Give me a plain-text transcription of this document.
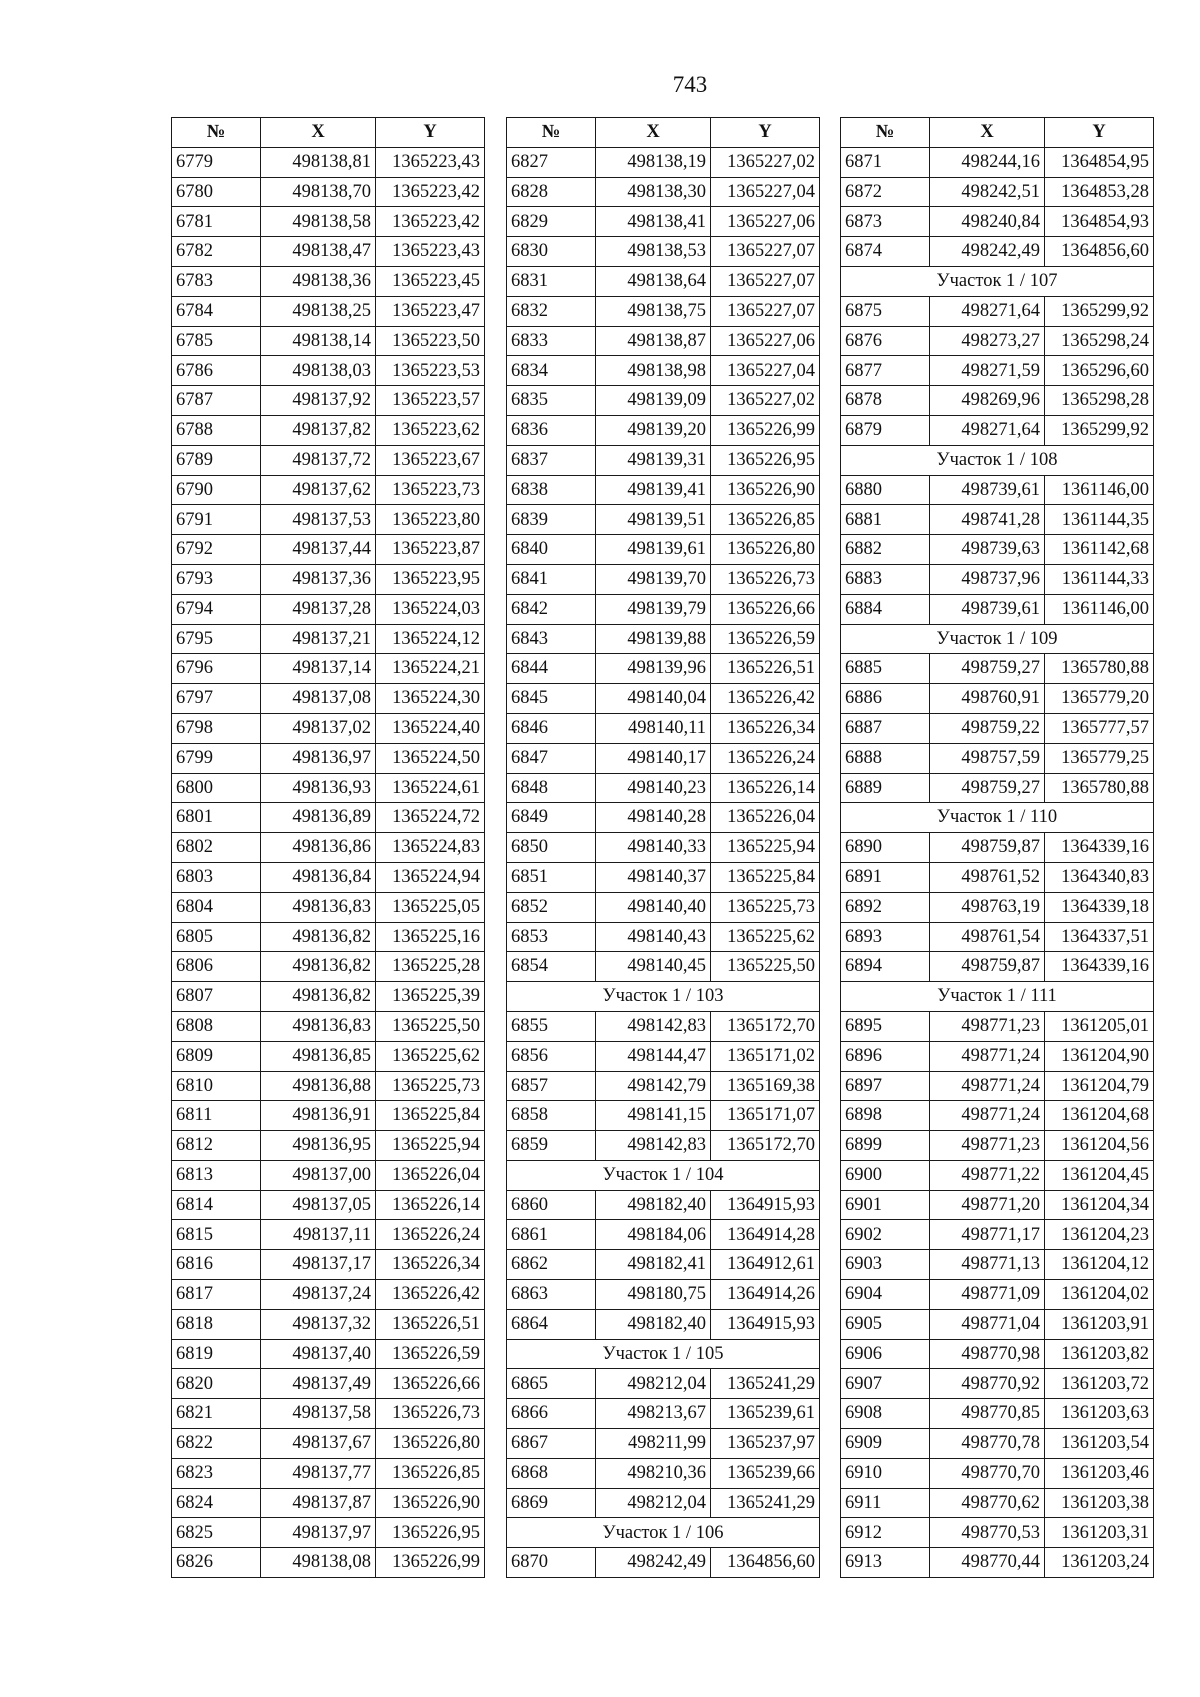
743
№	X	Y
6779	498138,81	1365223,43
6780	498138,70	1365223,42
6781	498138,58	1365223,42
6782	498138,47	1365223,43
6783	498138,36	1365223,45
6784	498138,25	1365223,47
6785	498138,14	1365223,50
6786	498138,03	1365223,53
6787	498137,92	1365223,57
6788	498137,82	1365223,62
6789	498137,72	1365223,67
6790	498137,62	1365223,73
6791	498137,53	1365223,80
6792	498137,44	1365223,87
6793	498137,36	1365223,95
6794	498137,28	1365224,03
6795	498137,21	1365224,12
6796	498137,14	1365224,21
6797	498137,08	1365224,30
6798	498137,02	1365224,40
6799	498136,97	1365224,50
6800	498136,93	1365224,61
6801	498136,89	1365224,72
6802	498136,86	1365224,83
6803	498136,84	1365224,94
6804	498136,83	1365225,05
6805	498136,82	1365225,16
6806	498136,82	1365225,28
6807	498136,82	1365225,39
6808	498136,83	1365225,50
6809	498136,85	1365225,62
6810	498136,88	1365225,73
6811	498136,91	1365225,84
6812	498136,95	1365225,94
6813	498137,00	1365226,04
6814	498137,05	1365226,14
6815	498137,11	1365226,24
6816	498137,17	1365226,34
6817	498137,24	1365226,42
6818	498137,32	1365226,51
6819	498137,40	1365226,59
6820	498137,49	1365226,66
6821	498137,58	1365226,73
6822	498137,67	1365226,80
6823	498137,77	1365226,85
6824	498137,87	1365226,90
6825	498137,97	1365226,95
6826	498138,08	1365226,99
№	X	Y
6827	498138,19	1365227,02
6828	498138,30	1365227,04
6829	498138,41	1365227,06
6830	498138,53	1365227,07
6831	498138,64	1365227,07
6832	498138,75	1365227,07
6833	498138,87	1365227,06
6834	498138,98	1365227,04
6835	498139,09	1365227,02
6836	498139,20	1365226,99
6837	498139,31	1365226,95
6838	498139,41	1365226,90
6839	498139,51	1365226,85
6840	498139,61	1365226,80
6841	498139,70	1365226,73
6842	498139,79	1365226,66
6843	498139,88	1365226,59
6844	498139,96	1365226,51
6845	498140,04	1365226,42
6846	498140,11	1365226,34
6847	498140,17	1365226,24
6848	498140,23	1365226,14
6849	498140,28	1365226,04
6850	498140,33	1365225,94
6851	498140,37	1365225,84
6852	498140,40	1365225,73
6853	498140,43	1365225,62
6854	498140,45	1365225,50
Участок 1 / 103		
6855	498142,83	1365172,70
6856	498144,47	1365171,02
6857	498142,79	1365169,38
6858	498141,15	1365171,07
6859	498142,83	1365172,70
Участок 1 / 104		
6860	498182,40	1364915,93
6861	498184,06	1364914,28
6862	498182,41	1364912,61
6863	498180,75	1364914,26
6864	498182,40	1364915,93
Участок 1 / 105		
6865	498212,04	1365241,29
6866	498213,67	1365239,61
6867	498211,99	1365237,97
6868	498210,36	1365239,66
6869	498212,04	1365241,29
Участок 1 / 106		
6870	498242,49	1364856,60
№	X	Y
6871	498244,16	1364854,95
6872	498242,51	1364853,28
6873	498240,84	1364854,93
6874	498242,49	1364856,60
Участок 1 / 107		
6875	498271,64	1365299,92
6876	498273,27	1365298,24
6877	498271,59	1365296,60
6878	498269,96	1365298,28
6879	498271,64	1365299,92
Участок 1 / 108		
6880	498739,61	1361146,00
6881	498741,28	1361144,35
6882	498739,63	1361142,68
6883	498737,96	1361144,33
6884	498739,61	1361146,00
Участок 1 / 109		
6885	498759,27	1365780,88
6886	498760,91	1365779,20
6887	498759,22	1365777,57
6888	498757,59	1365779,25
6889	498759,27	1365780,88
Участок 1 / 110		
6890	498759,87	1364339,16
6891	498761,52	1364340,83
6892	498763,19	1364339,18
6893	498761,54	1364337,51
6894	498759,87	1364339,16
Участок 1 / 111		
6895	498771,23	1361205,01
6896	498771,24	1361204,90
6897	498771,24	1361204,79
6898	498771,24	1361204,68
6899	498771,23	1361204,56
6900	498771,22	1361204,45
6901	498771,20	1361204,34
6902	498771,17	1361204,23
6903	498771,13	1361204,12
6904	498771,09	1361204,02
6905	498771,04	1361203,91
6906	498770,98	1361203,82
6907	498770,92	1361203,72
6908	498770,85	1361203,63
6909	498770,78	1361203,54
6910	498770,70	1361203,46
6911	498770,62	1361203,38
6912	498770,53	1361203,31
6913	498770,44	1361203,24
